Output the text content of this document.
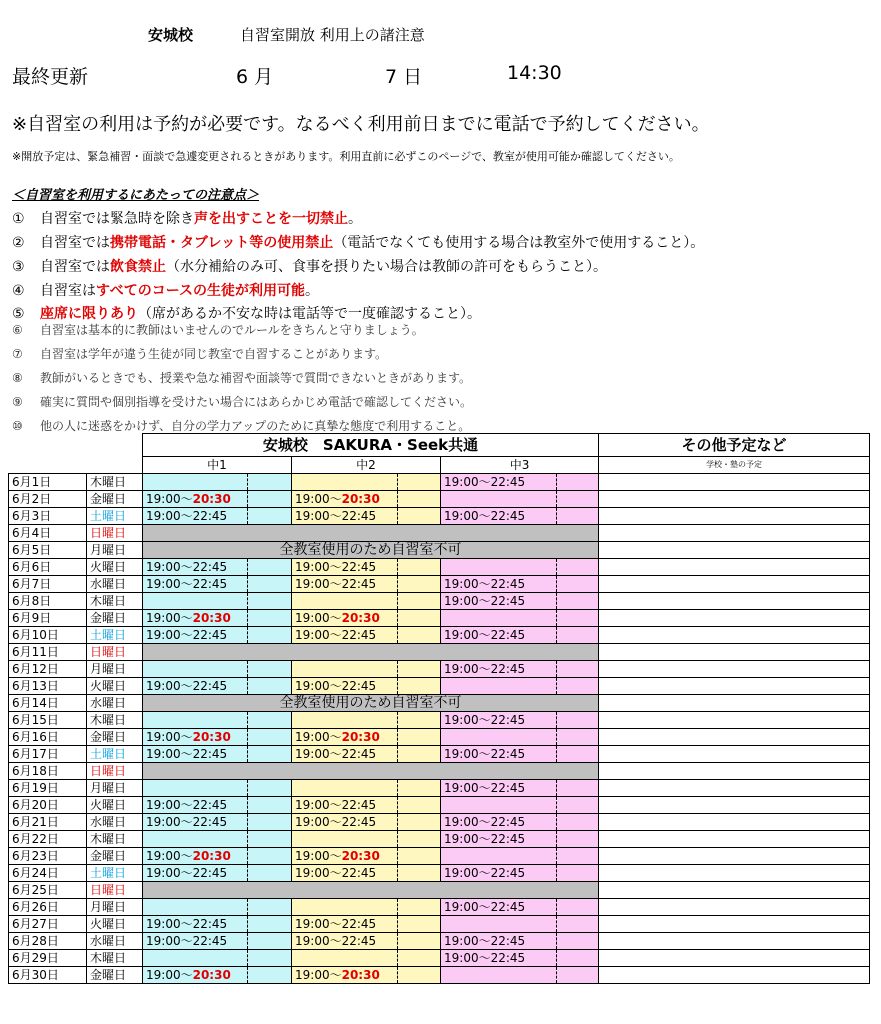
安城校	自習室開放 利用上の諸注意
最終更新	6 月	7 日	14:30
※自習室の利用は予約が必要です。なるべく利用前日までに電話で予約してください。
※開放予定は、緊急補習・面談で急遽変更されるときがあります。利用直前に必ずこのページで、教室が使用可能か確認してください。
＜自習室を利用するにあたっての注意点＞
① 自習室では緊急時を除き声を出すことを一切禁止。
② 自習室では携帯電話・タブレット等の使用禁止（電話でなくても使用する場合は教室外で使用すること）。
③ 自習室では飲食禁止（水分補給のみ可、食事を摂りたい場合は教師の許可をもらうこと）。
④ 自習室はすべてのコースの生徒が利用可能。
⑤ 座席に限りあり（席があるか不安な時は電話等で一度確認すること）。
⑥ 自習室は基本的に教師はいませんのでルールをきちんと守りましょう。
⑦ 自習室は学年が違う生徒が同じ教室で自習することがあります。
⑧ 教師がいるときでも、授業や急な補習や面談等で質問できないときがあります。
⑨ 確実に質問や個別指導を受けたい場合にはあらかじめ電話で確認してください。
⑩ 他の人に迷惑をかけず、自分の学力アップのために真摯な態度で利用すること。
		安城校　SAKURA・Seek共通						その他予定など
		中1		中2		中3		学校・塾の予定
6月1日	木曜日					19:00～22:45		
6月2日	金曜日	19:00～20:30		19:00～20:30				
6月3日	土曜日	19:00～22:45		19:00～22:45		19:00～22:45		
6月4日	日曜日							
6月5日	月曜日	全教室使用のため自習室不可						
6月6日	火曜日	19:00～22:45		19:00～22:45				
6月7日	水曜日	19:00～22:45		19:00～22:45		19:00～22:45		
6月8日	木曜日					19:00～22:45		
6月9日	金曜日	19:00～20:30		19:00～20:30				
6月10日	土曜日	19:00～22:45		19:00～22:45		19:00～22:45		
6月11日	日曜日							
6月12日	月曜日					19:00～22:45		
6月13日	火曜日	19:00～22:45		19:00～22:45				
6月14日	水曜日	全教室使用のため自習室不可						
6月15日	木曜日					19:00～22:45		
6月16日	金曜日	19:00～20:30		19:00～20:30				
6月17日	土曜日	19:00～22:45		19:00～22:45		19:00～22:45		
6月18日	日曜日							
6月19日	月曜日					19:00～22:45		
6月20日	火曜日	19:00～22:45		19:00～22:45				
6月21日	水曜日	19:00～22:45		19:00～22:45		19:00～22:45		
6月22日	木曜日					19:00～22:45		
6月23日	金曜日	19:00～20:30		19:00～20:30				
6月24日	土曜日	19:00～22:45		19:00～22:45		19:00～22:45		
6月25日	日曜日							
6月26日	月曜日					19:00～22:45		
6月27日	火曜日	19:00～22:45		19:00～22:45				
6月28日	水曜日	19:00～22:45		19:00～22:45		19:00～22:45		
6月29日	木曜日					19:00～22:45		
6月30日	金曜日	19:00～20:30		19:00～20:30				
